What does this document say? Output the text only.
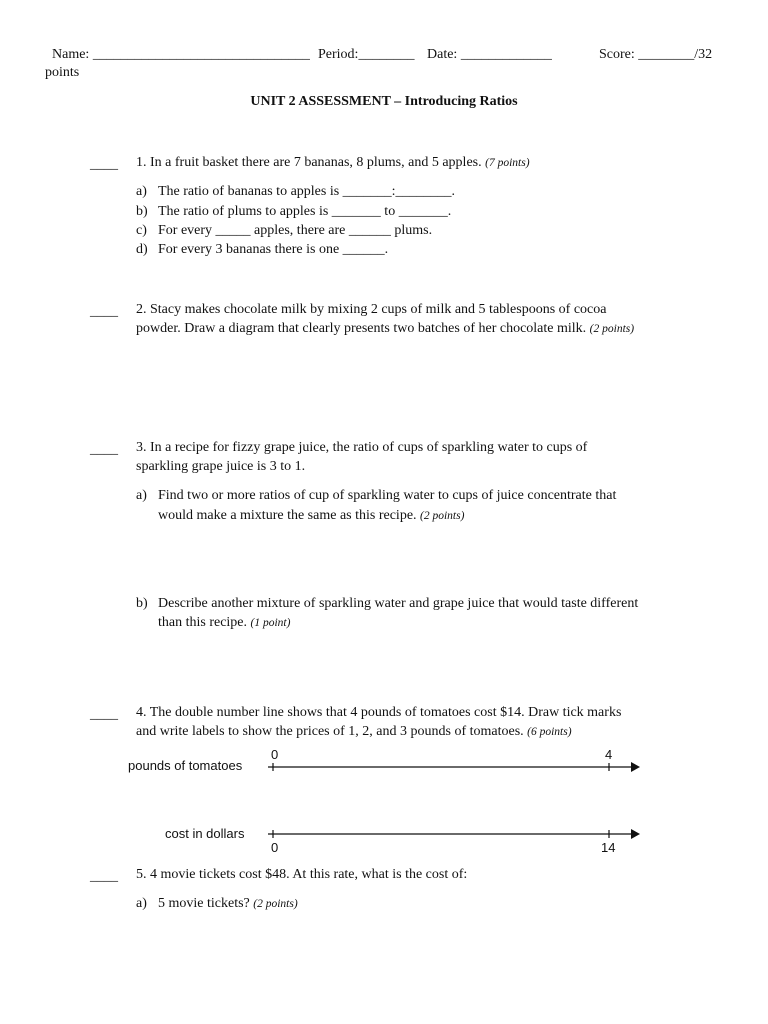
Name: _______________________________ Period:________ Date: _____________	Score: ________/32
points
UNIT 2 ASSESSMENT – Introducing Ratios
____ 1. In a fruit basket there are 7 bananas, 8 plums, and 5 apples. (7 points)
a) The ratio of bananas to apples is _______:________.
b) The ratio of plums to apples is _______ to _______.
c) For every _____ apples, there are ______ plums.
d) For every 3 bananas there is one ______.
____ 2. Stacy makes chocolate milk by mixing 2 cups of milk and 5 tablespoons of cocoa
powder. Draw a diagram that clearly presents two batches of her chocolate milk. (2 points)
____ 3. In a recipe for fizzy grape juice, the ratio of cups of sparkling water to cups of
sparkling grape juice is 3 to 1.
a) Find two or more ratios of cup of sparkling water to cups of juice concentrate that
would make a mixture the same as this recipe. (2 points)
b) Describe another mixture of sparkling water and grape juice that would taste different
than this recipe. (1 point)
____ 4. The double number line shows that 4 pounds of tomatoes cost $14. Draw tick marks
and write labels to show the prices of 1, 2, and 3 pounds of tomatoes. (6 points)
pounds of tomatoes
0	4
cost in dollars
0	14
____ 5. 4 movie tickets cost $48. At this rate, what is the cost of:
a) 5 movie tickets? (2 points)
